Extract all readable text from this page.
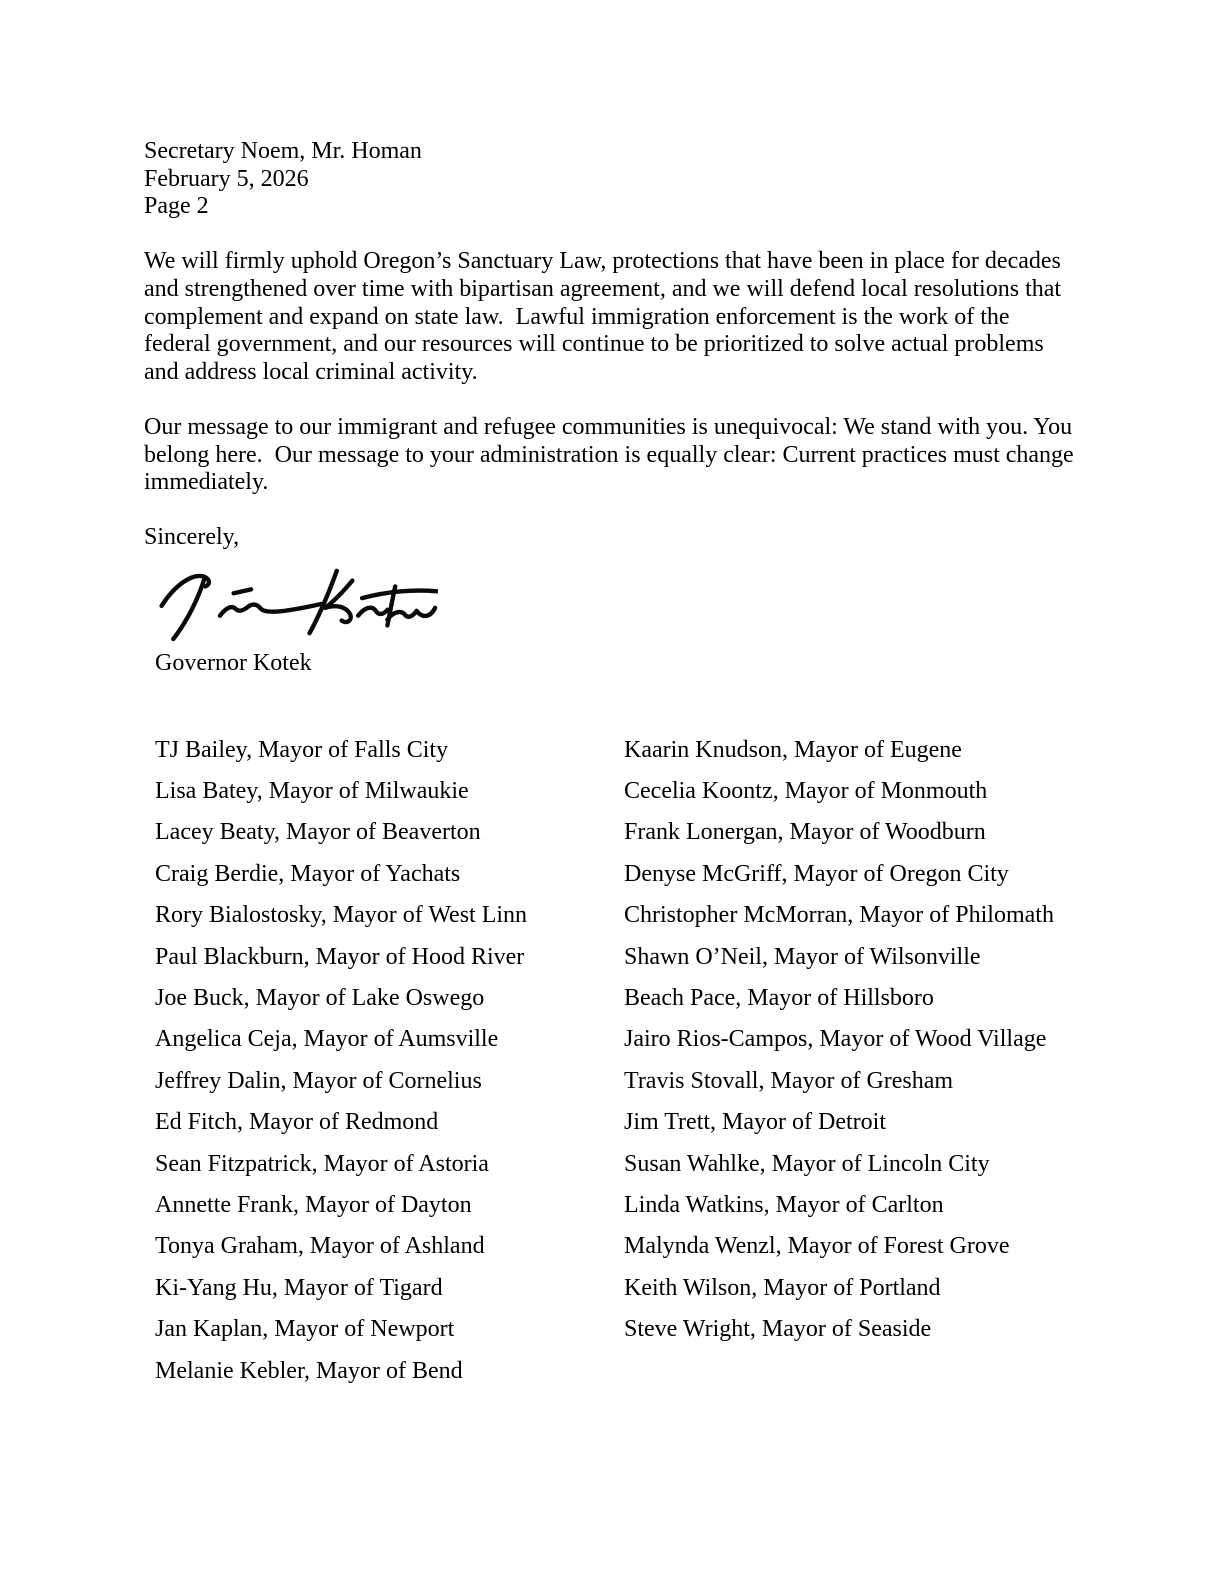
Secretary Noem, Mr. Homan
February 5, 2026
Page 2
We will firmly uphold Oregon’s Sanctuary Law, protections that have been in place for decades and strengthened over time with bipartisan agreement, and we will defend local resolutions that complement and expand on state law.  Lawful immigration enforcement is the work of the federal government, and our resources will continue to be prioritized to solve actual problems and address local criminal activity.
Our message to our immigrant and refugee communities is unequivocal: We stand with you. You belong here.  Our message to your administration is equally clear: Current practices must change immediately.
Sincerely,
Governor Kotek
TJ Bailey, Mayor of Falls City
Lisa Batey, Mayor of Milwaukie
Lacey Beaty, Mayor of Beaverton
Craig Berdie, Mayor of Yachats
Rory Bialostosky, Mayor of West Linn
Paul Blackburn, Mayor of Hood River
Joe Buck, Mayor of Lake Oswego
Angelica Ceja, Mayor of Aumsville
Jeffrey Dalin, Mayor of Cornelius
Ed Fitch, Mayor of Redmond
Sean Fitzpatrick, Mayor of Astoria
Annette Frank, Mayor of Dayton
Tonya Graham, Mayor of Ashland
Ki-Yang Hu, Mayor of Tigard
Jan Kaplan, Mayor of Newport
Melanie Kebler, Mayor of Bend
Kaarin Knudson, Mayor of Eugene
Cecelia Koontz, Mayor of Monmouth
Frank Lonergan, Mayor of Woodburn
Denyse McGriff, Mayor of Oregon City
Christopher McMorran, Mayor of Philomath
Shawn O’Neil, Mayor of Wilsonville
Beach Pace, Mayor of Hillsboro
Jairo Rios-Campos, Mayor of Wood Village
Travis Stovall, Mayor of Gresham
Jim Trett, Mayor of Detroit
Susan Wahlke, Mayor of Lincoln City
Linda Watkins, Mayor of Carlton
Malynda Wenzl, Mayor of Forest Grove
Keith Wilson, Mayor of Portland
Steve Wright, Mayor of Seaside
